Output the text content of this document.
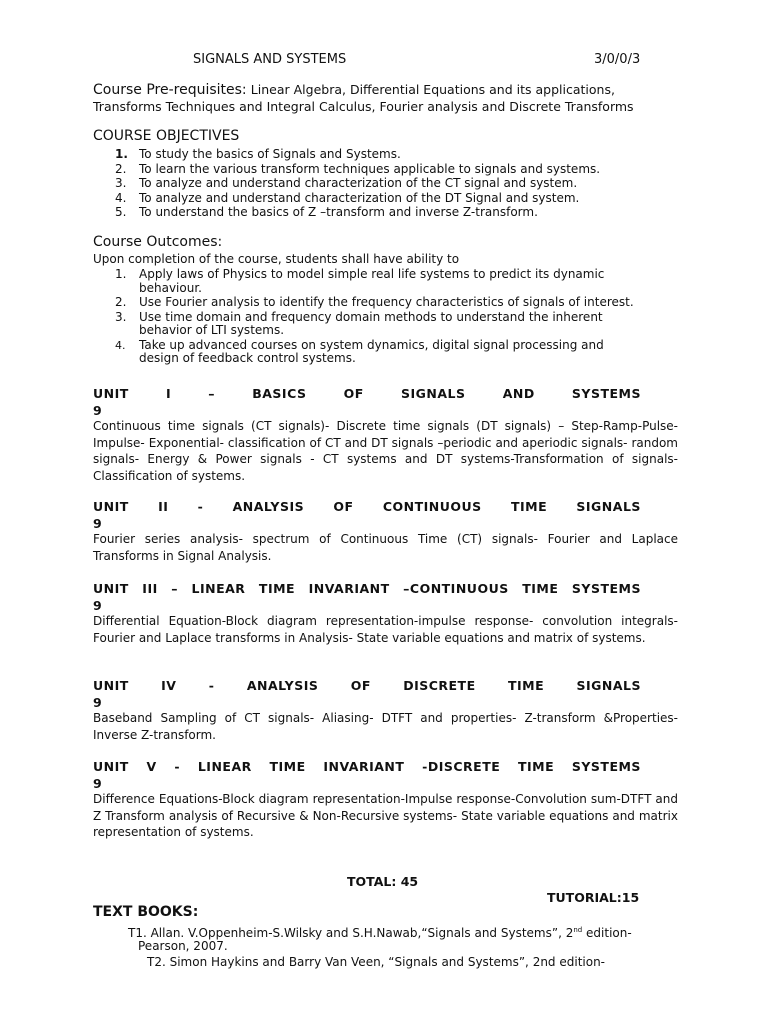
SIGNALS AND SYSTEMS	3/0/0/3
Course Pre-requisites: Linear Algebra, Differential Equations and its applications,
Transforms Techniques and Integral Calculus, Fourier analysis and Discrete Transforms
COURSE OBJECTIVES
1. To study the basics of Signals and Systems.
2. To learn the various transform techniques applicable to signals and systems.
3. To analyze and understand characterization of the CT signal and system.
4. To analyze and understand characterization of the DT Signal and system.
5. To understand the basics of Z –transform and inverse Z-transform.
Course Outcomes:
Upon completion of the course, students shall have ability to
1. Apply laws of Physics to model simple real life systems to predict its dynamic
behaviour.
2. Use Fourier analysis to identify the frequency characteristics of signals of interest.
3. Use time domain and frequency domain methods to understand the inherent
behavior of LTI systems.
4. Take up advanced courses on system dynamics, digital signal processing and
design of feedback control systems.
UNIT	I	–	BASICS	OF	SIGNALS	AND	SYSTEMS
9
Continuous time signals (CT signals)- Discrete time signals (DT signals) – Step-Ramp-Pulse- Impulse- Exponential- classification of CT and DT signals –periodic and aperiodic signals- random signals- Energy & Power signals - CT systems and DT systems-Transformation of signals-Classification of systems.
UNIT II - ANALYSIS OF CONTINUOUS TIME SIGNALS
9
Fourier series analysis- spectrum of Continuous Time (CT) signals- Fourier and Laplace Transforms in Signal Analysis.
UNIT III – LINEAR TIME INVARIANT –CONTINUOUS TIME SYSTEMS
9
Differential Equation-Block diagram representation-impulse response- convolution integrals-Fourier and Laplace transforms in Analysis- State variable equations and matrix of systems.
UNIT	IV	-	ANALYSIS	OF	DISCRETE	TIME	SIGNALS
9
Baseband Sampling of CT signals- Aliasing- DTFT and properties- Z-transform &Properties-Inverse Z-transform.
UNIT V - LINEAR TIME INVARIANT -DISCRETE TIME SYSTEMS
9
Difference Equations-Block diagram representation-Impulse response-Convolution sum-DTFT and Z Transform analysis of Recursive & Non-Recursive systems- State variable equations and matrix representation of systems.
TOTAL: 45
TUTORIAL:15
TEXT BOOKS:
T1. Allan. V.Oppenheim-S.Wilsky and S.H.Nawab,“Signals and Systems”, 2nd edition-
Pearson, 2007.
T2. Simon Haykins and Barry Van Veen, “Signals and Systems”, 2nd edition-
